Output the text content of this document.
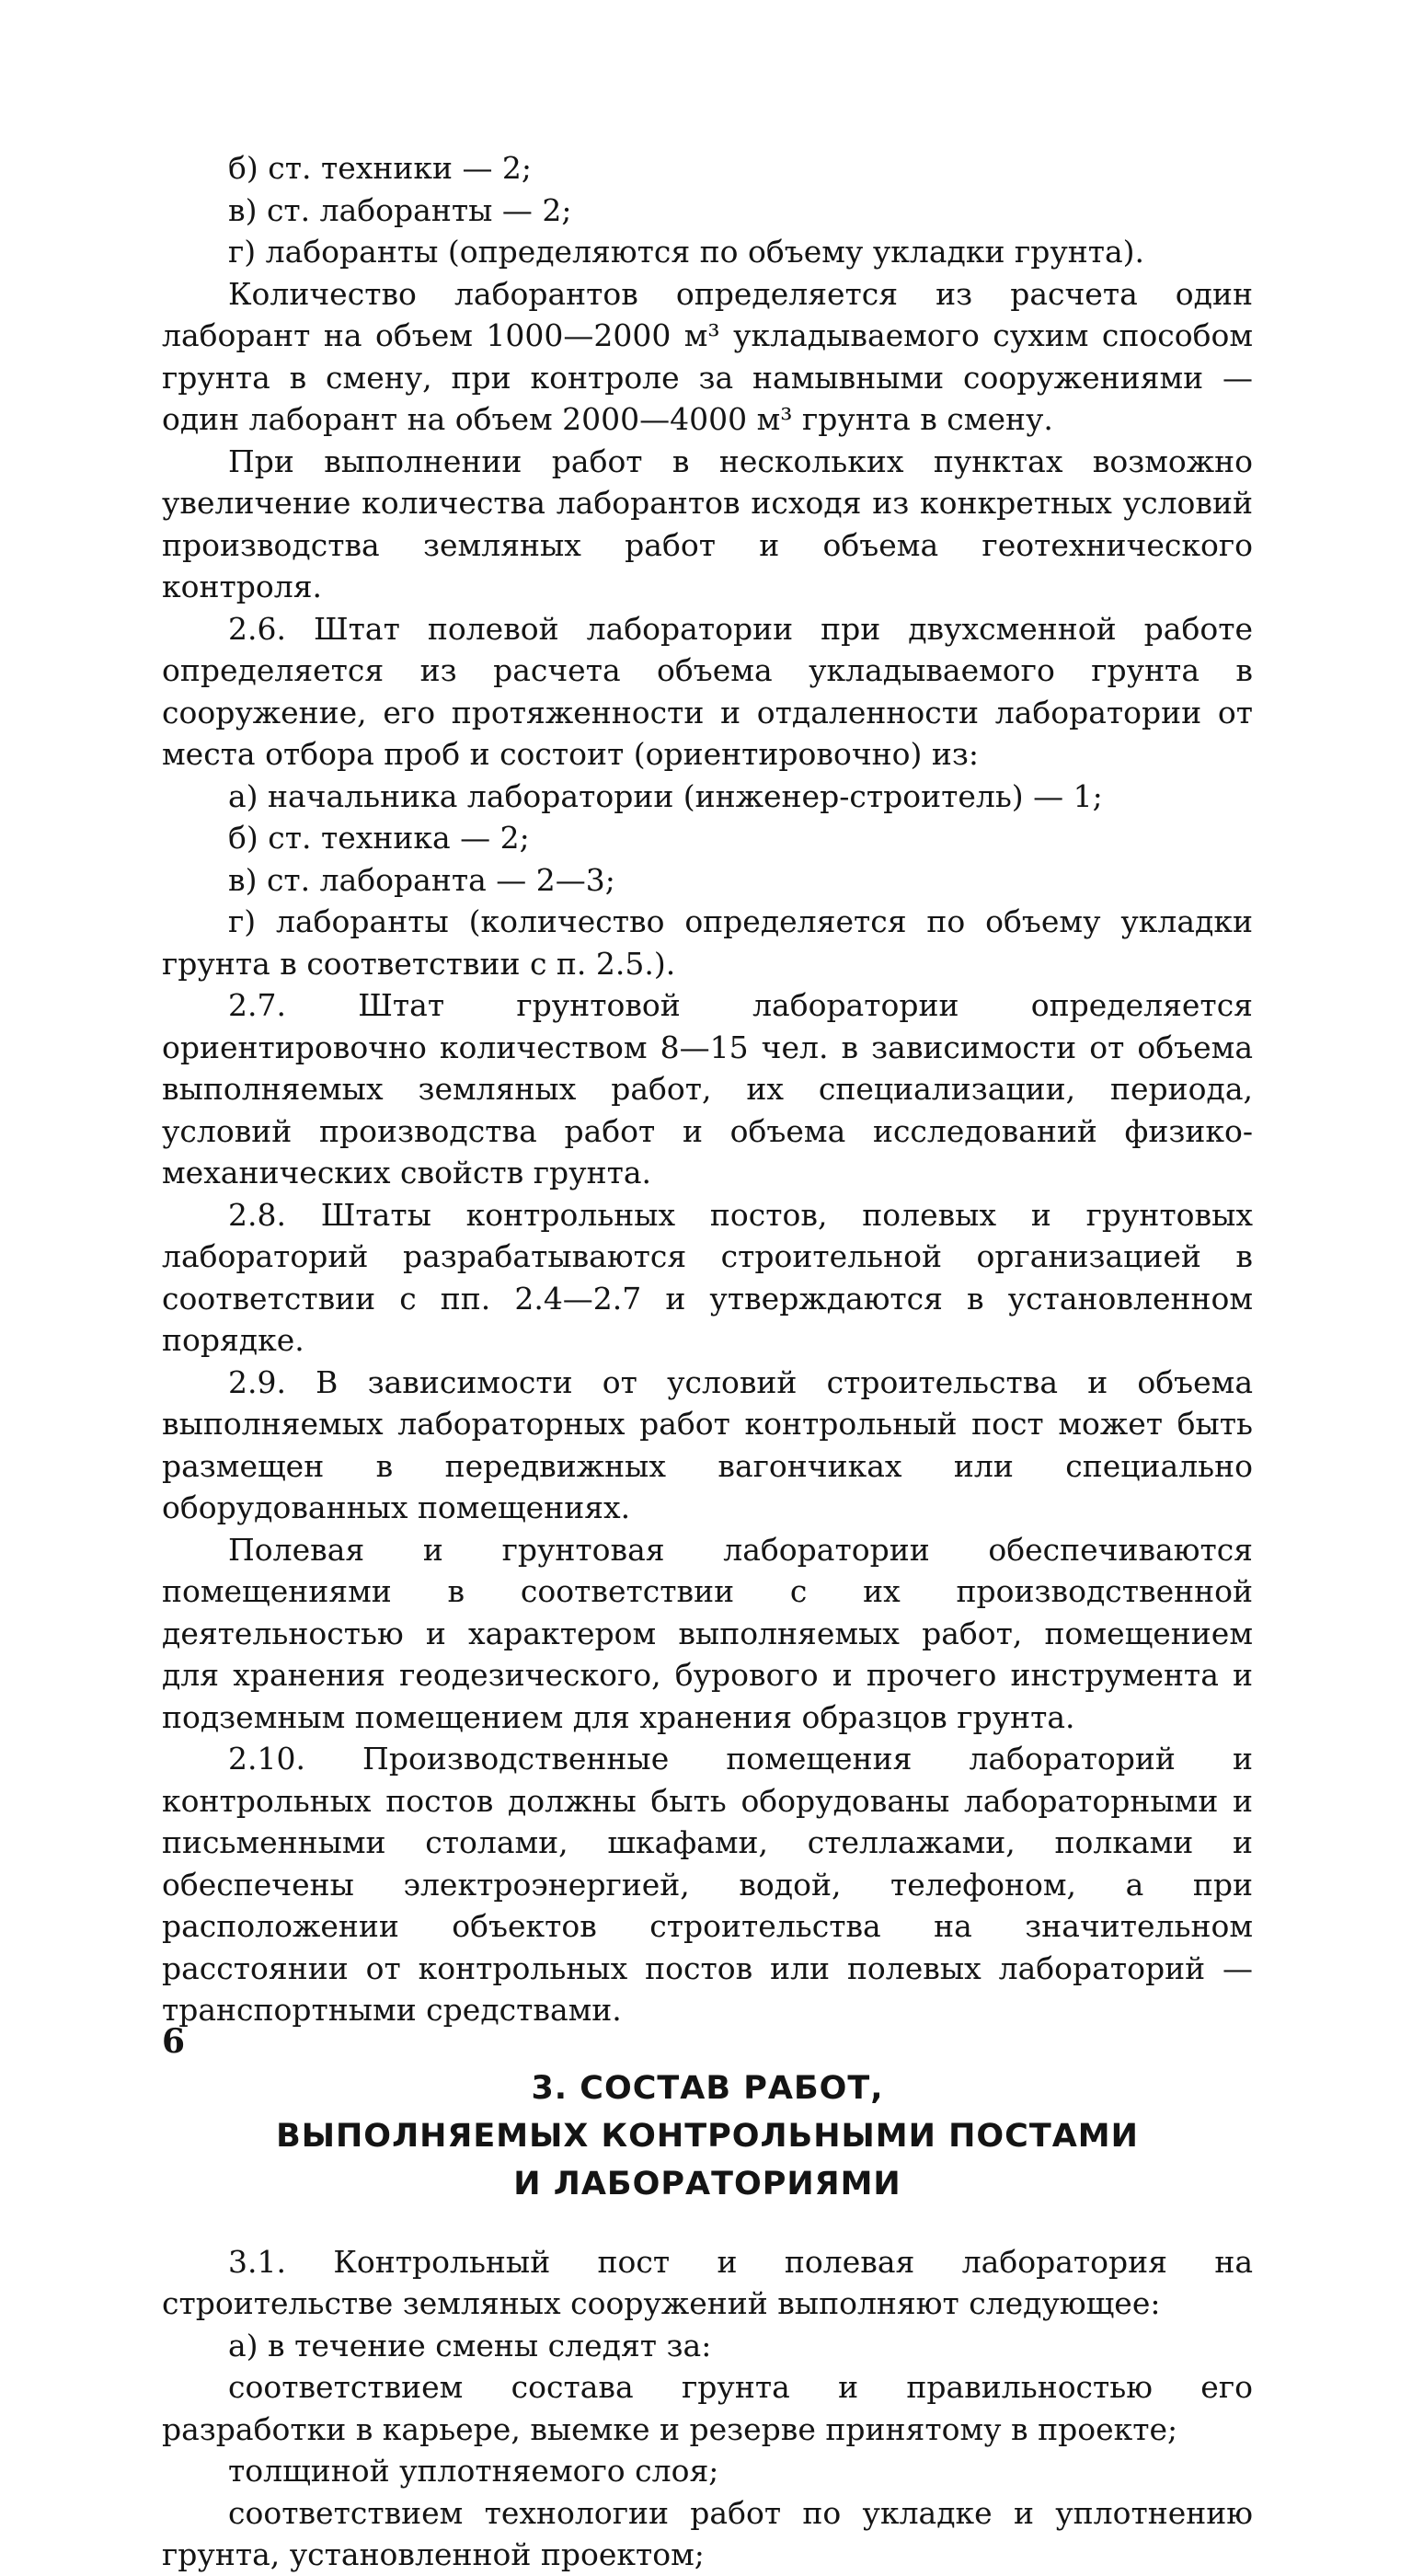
б) ст. техники — 2;

в) ст. лаборанты — 2;

г) лаборанты (определяются по объему укладки грунта).

Количество лаборантов определяется из расчета один лаборант на объем 1000—2000 м³ укладываемого сухим способом грунта в смену, при контроле за намывными сооружениями — один лаборант на объем 2000—4000 м³ грунта в смену.

При выполнении работ в нескольких пунктах возможно увеличение количества лаборантов исходя из конкретных условий производства земляных работ и объема геотехнического контроля.

2.6. Штат полевой лаборатории при двухсменной работе определяется из расчета объема укладываемого грунта в сооружение, его протяженности и отдаленности лаборатории от места отбора проб и состоит (ориентировочно) из:

а) начальника лаборатории (инженер-строитель) — 1;

б) ст. техника — 2;

в) ст. лаборанта — 2—3;

г) лаборанты (количество определяется по объему укладки грунта в соответствии с п. 2.5.).

2.7. Штат грунтовой лаборатории определяется ориентировочно количеством 8—15 чел. в зависимости от объема выполняемых земляных работ, их специализации, периода, условий производства работ и объема исследований физико-механических свойств грунта.

2.8. Штаты контрольных постов, полевых и грунтовых лабораторий разрабатываются строительной организацией в соответствии с пп. 2.4—2.7 и утверждаются в установленном порядке.

2.9. В зависимости от условий строительства и объема выполняемых лабораторных работ контрольный пост может быть размещен в передвижных вагончиках или специально оборудованных помещениях.

Полевая и грунтовая лаборатории обеспечиваются помещениями в соответствии с их производственной деятельностью и характером выполняемых работ, помещением для хранения геодезического, бурового и прочего инструмента и подземным помещением для хранения образцов грунта.

2.10. Производственные помещения лабораторий и контрольных постов должны быть оборудованы лабораторными и письменными столами, шкафами, стеллажами, полками и обеспечены электроэнергией, водой, телефоном, а при расположении объектов строительства на значительном расстоянии от контрольных постов или полевых лабораторий — транспортными средствами.

3. СОСТАВ РАБОТ,

ВЫПОЛНЯЕМЫХ КОНТРОЛЬНЫМИ ПОСТАМИ

И ЛАБОРАТОРИЯМИ

3.1. Контрольный пост и полевая лаборатория на строительстве земляных сооружений выполняют следующее:

а) в течение смены следят за:

соответствием состава грунта и правильностью его разработки в карьере, выемке и резерве принятому в проекте;

толщиной уплотняемого слоя;

соответствием технологии работ по укладке и уплотнению грунта, установленной проектом;

6
